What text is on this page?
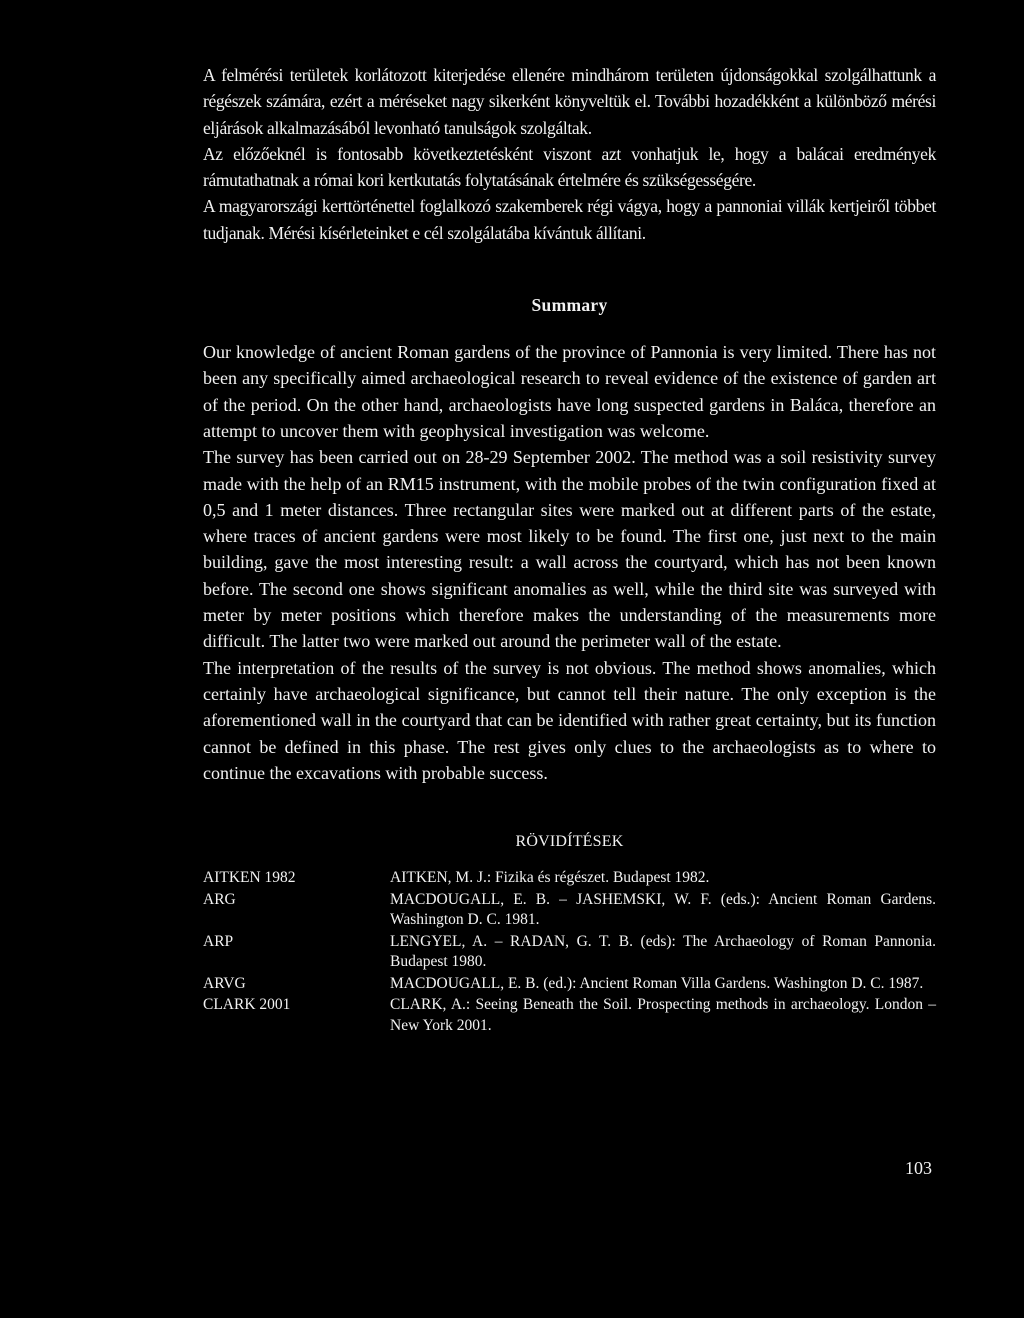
A felmérési területek korlátozott kiterjedése ellenére mindhárom területen újdonságokkal szolgálhattunk a régészek számára, ezért a méréseket nagy sikerként könyveltük el. További hozadékként a különböző mérési eljárások alkalmazásából levonható tanulságok szolgáltak.

Az előzőeknél is fontosabb következtetésként viszont azt vonhatjuk le, hogy a balácai eredmények rámutathatnak a római kori kertkutatás folytatásának értelmére és szükségességére.

A magyarországi kerttörténettel foglalkozó szakemberek régi vágya, hogy a pannoniai villák kertjeiről többet tudjanak. Mérési kísérleteinket e cél szolgálatába kívántuk állítani.

Summary

Our knowledge of ancient Roman gardens of the province of Pannonia is very limited. There has not been any specifically aimed archaeological research to reveal evidence of the existence of garden art of the period. On the other hand, archaeologists have long suspected gardens in Baláca, therefore an attempt to uncover them with geophysical investigation was welcome.

The survey has been carried out on 28-29 September 2002. The method was a soil resistivity survey made with the help of an RM15 instrument, with the mobile probes of the twin configuration fixed at 0,5 and 1 meter distances. Three rectangular sites were marked out at different parts of the estate, where traces of ancient gardens were most likely to be found. The first one, just next to the main building, gave the most interesting result: a wall across the courtyard, which has not been known before. The second one shows significant anomalies as well, while the third site was surveyed with meter by meter positions which therefore makes the understanding of the measurements more difficult. The latter two were marked out around the perimeter wall of the estate.

The interpretation of the results of the survey is not obvious. The method shows anomalies, which certainly have archaeological significance, but cannot tell their nature. The only exception is the aforementioned wall in the courtyard that can be identified with rather great certainty, but its function cannot be defined in this phase. The rest gives only clues to the archaeologists as to where to continue the excavations with probable success.

RÖVIDÍTÉSEK
AITKEN 1982	AITKEN, M. J.: Fizika és régészet. Budapest 1982.
ARG	MACDOUGALL, E. B. – JASHEMSKI, W. F. (eds.): Ancient Roman Gardens. Washington D. C. 1981.
ARP	LENGYEL, A. – RADAN, G. T. B. (eds): The Archaeology of Roman Pannonia. Budapest 1980.
ARVG	MACDOUGALL, E. B. (ed.): Ancient Roman Villa Gardens. Washington D. C. 1987.
CLARK 2001	CLARK, A.: Seeing Beneath the Soil. Prospecting methods in archaeology. London – New York 2001.
103
